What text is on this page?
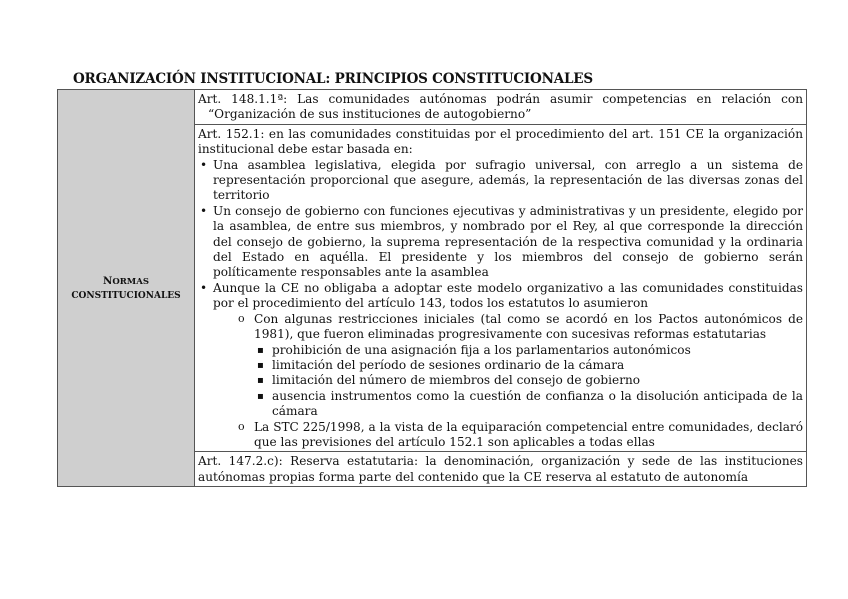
ORGANIZACIÓN INSTITUCIONAL: PRINCIPIOS CONSTITUCIONALES
NORMAS
CONSTITUCIONALES

Art. 148.1.1ª: Las comunidades autónomas podrán asumir competencias en relación con
“Organización de sus instituciones de autogobierno”

Art. 152.1: en las comunidades constituidas por el procedimiento del art. 151 CE la organización institucional debe estar basada en:
• Una asamblea legislativa, elegida por sufragio universal, con arreglo a un sistema de representación proporcional que asegure, además, la representación de las diversas zonas del territorio
• Un consejo de gobierno con funciones ejecutivas y administrativas y un presidente, elegido por la asamblea, de entre sus miembros, y nombrado por el Rey, al que corresponde la dirección del consejo de gobierno, la suprema representación de la respectiva comunidad y la ordinaria del Estado en aquélla. El presidente y los miembros del consejo de gobierno serán políticamente responsables ante la asamblea
• Aunque la CE no obligaba a adoptar este modelo organizativo a las comunidades constituidas por el procedimiento del artículo 143, todos los estatutos lo asumieron
o Con algunas restricciones iniciales (tal como se acordó en los Pactos autonómicos de 1981), que fueron eliminadas progresivamente con sucesivas reformas estatutarias
▪ prohibición de una asignación fija a los parlamentarios autonómicos
▪ limitación del período de sesiones ordinario de la cámara
▪ limitación del número de miembros del consejo de gobierno
▪ ausencia instrumentos como la cuestión de confianza o la disolución anticipada de la cámara
o La STC 225/1998, a la vista de la equiparación competencial entre comunidades, declaró que las previsiones del artículo 152.1 son aplicables a todas ellas

Art. 147.2.c): Reserva estatutaria: la denominación, organización y sede de las instituciones autónomas propias forma parte del contenido que la CE reserva al estatuto de autonomía
